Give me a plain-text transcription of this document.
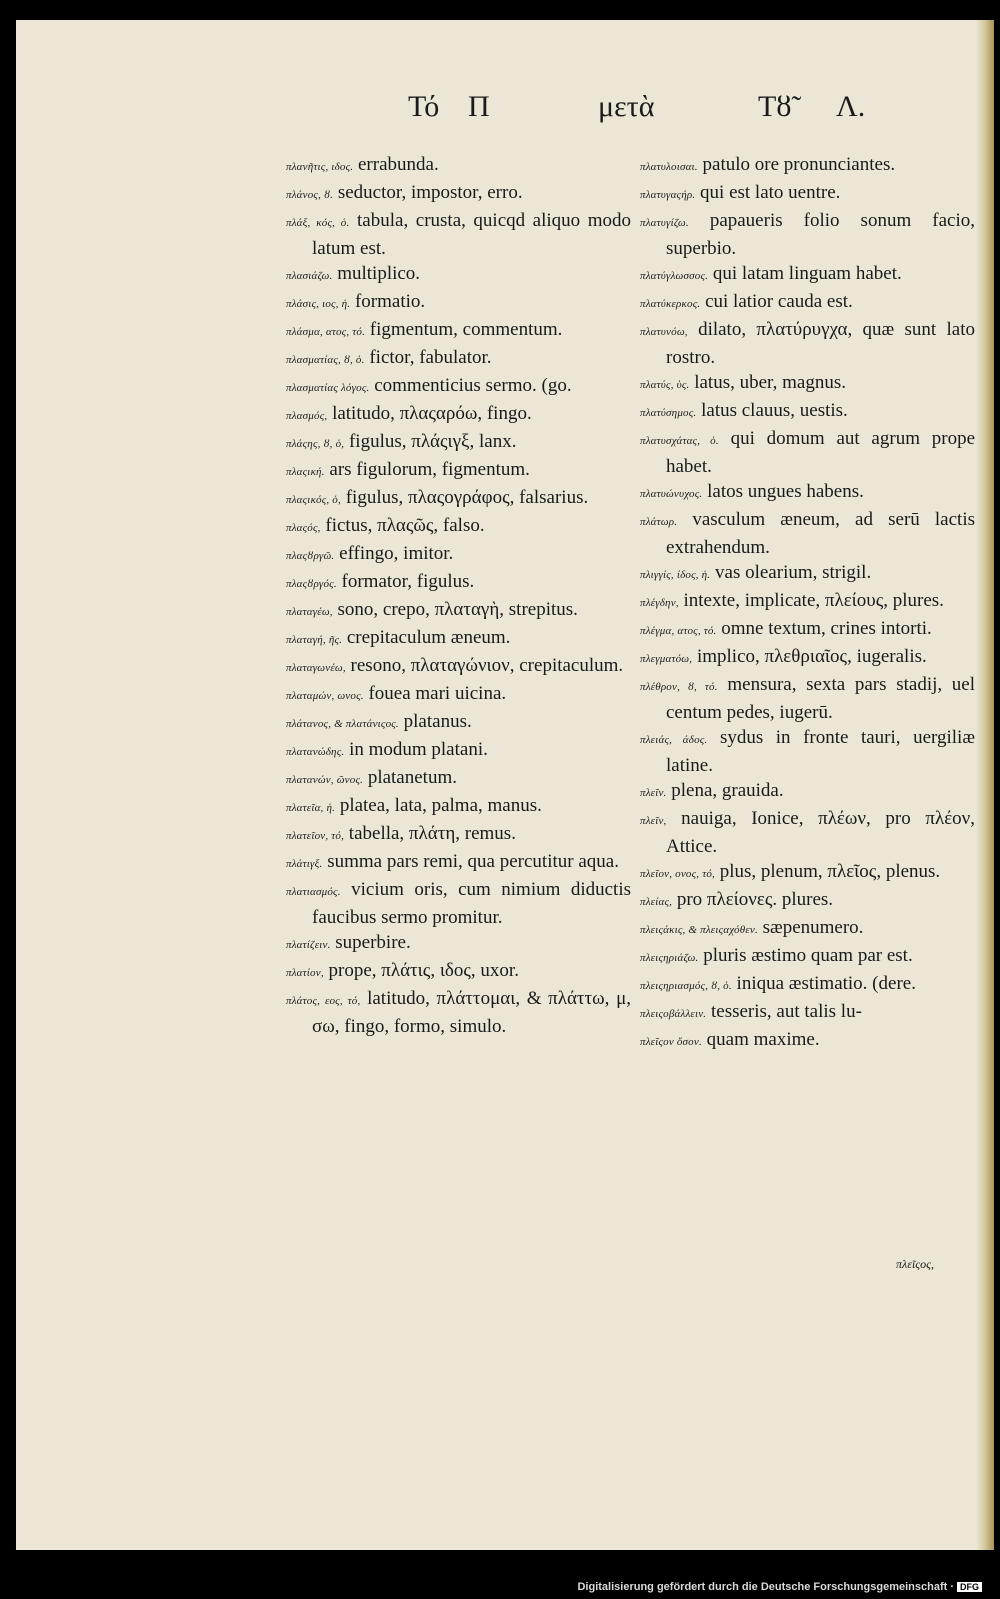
Τό Π	μετὰ	Τȣ̃ Λ.
πλανῆτις, ιδος. errabunda.
πλάνος, ȣ. seductor, impostor, erro.
πλάξ, κός, ὁ. tabula, crusta, quicqd aliquo modo latum est.
πλασιάζω. multiplico.
πλάσις, ιος, ἡ. formatio.
πλάσμα, ατος, τό. figmentum, commentum.
πλασματίας, ȣ, ὁ. fictor, fabulator.
πλασματίας λόγος. commenticius sermo. (go.
πλασμός, latitudo, πλαςαρόω, fingo.
πλάςης, ȣ, ὁ, figulus, πλάςιγξ, lanx.
πλαςική. ars figulorum, figmentum.
πλαςικός, ὁ, figulus, πλαςογράφος, falsarius.
πλαςός, fictus, πλαςῶς, falso.
πλαςȣργῶ. effingo, imitor.
πλαςȣργός. formator, figulus.
πλαταγέω, sono, crepo, πλαταγὴ, strepitus.
πλαταγή, ῆς. crepitaculum æneum.
πλαταγωνέω, resono, πλαταγώνιον, crepitaculum.
πλαταμών, ωνος. fouea mari uicina.
πλάτανος, & πλατάνιςος. platanus.
πλατανώδης. in modum platani.
πλατανών, ῶνος. platanetum.
πλατεῖα, ἡ. platea, lata, palma, manus.
πλατεῖον, τό, tabella, πλάτη, remus.
πλάτιγξ. summa pars remi, qua percutitur aqua.
πλατιασμός. vicium oris, cum nimium diductis faucibus sermo promitur.
πλατίζειν. superbire.
πλατίον, prope, πλάτις, ιδος, uxor.
πλάτος, εος, τό, latitudo, πλάττομαι, & πλάττω, μ, σω, fingo, formo, simulo.
πλατυλοισαι. patulo ore pronunciantes.
πλατυγαςήρ. qui est lato uentre.
πλατυγίζω. papaueris folio sonum facio, superbio.
πλατύγλωσσος. qui latam linguam habet.
πλατύκερκος. cui latior cauda est.
πλατυνόω, dilato, πλατύρυγχα, quæ sunt lato rostro.
πλατύς, ὺς. latus, uber, magnus.
πλατύσημος. latus clauus, uestis.
πλατυσχάτας, ὁ. qui domum aut agrum prope habet.
πλατυώνυχος. latos ungues habens.
πλάτωρ. vasculum æneum, ad serū lactis extrahendum.
πλιγγίς, ίδος, ἡ. vas olearium, strigil.
πλέγδην, intexte, implicate, πλείους, plures.
πλέγμα, ατος, τό. omne textum, crines intorti.
πλεγματόω, implico, πλεθριαῖος, iugeralis.
πλέθρον, ȣ, τό. mensura, sexta pars stadij, uel centum pedes, iugerū.
πλειάς, άδος. sydus in fronte tauri, uergiliæ latine.
πλεῖν. plena, grauida.
πλεῖν, nauiga, Ionice, πλέων, pro πλέον, Attice.
πλεῖον, ονος, τό, plus, plenum, πλεῖος, plenus.
πλείας, pro πλείονες. plures.
πλειςάκις, & πλειςαχόθεν. sæpenumero.
πλειςηριάζω. pluris æstimo quam par est.
πλειςηριασμός, ȣ, ὁ. iniqua æstimatio. (dere.
πλειςοβάλλειν. tesseris, aut talis lu-
πλεῖςον ὅσον. quam maxime.
πλεῖςος,
Digitalisierung gefördert durch die Deutsche Forschungsgemeinschaft · DFG
